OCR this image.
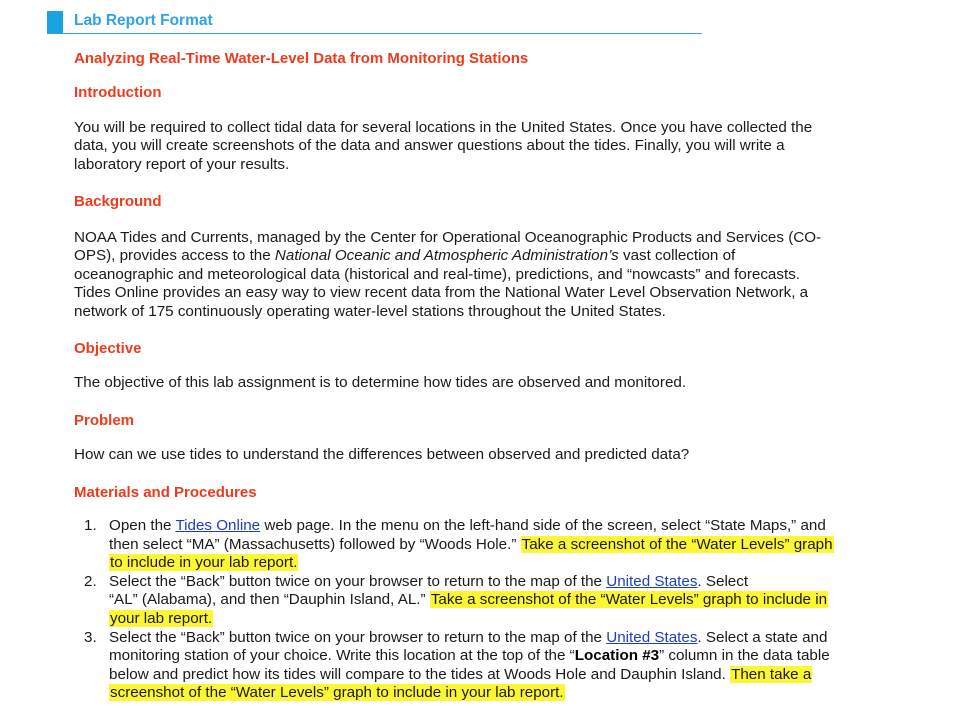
Lab Report Format
Analyzing Real-Time Water-Level Data from Monitoring Stations
Introduction
You will be required to collect tidal data for several locations in the United States. Once you have collected the
data, you will create screenshots of the data and answer questions about the tides. Finally, you will write a
laboratory report of your results.
Background
NOAA Tides and Currents, managed by the Center for Operational Oceanographic Products and Services (CO-
OPS), provides access to the National Oceanic and Atmospheric Administration’s vast collection of
oceanographic and meteorological data (historical and real-time), predictions, and “nowcasts” and forecasts.
Tides Online provides an easy way to view recent data from the National Water Level Observation Network, a
network of 175 continuously operating water-level stations throughout the United States.
Objective
The objective of this lab assignment is to determine how tides are observed and monitored.
Problem
How can we use tides to understand the differences between observed and predicted data?
Materials and Procedures
1. Open the Tides Online web page. In the menu on the left-hand side of the screen, select “State Maps,” and
then select “MA” (Massachusetts) followed by “Woods Hole.” Take a screenshot of the “Water Levels” graph
to include in your lab report.
2. Select the “Back” button twice on your browser to return to the map of the United States. Select
“AL” (Alabama), and then “Dauphin Island, AL.” Take a screenshot of the “Water Levels” graph to include in
your lab report.
3. Select the “Back” button twice on your browser to return to the map of the United States. Select a state and
monitoring station of your choice. Write this location at the top of the “Location #3” column in the data table
below and predict how its tides will compare to the tides at Woods Hole and Dauphin Island. Then take a
screenshot of the “Water Levels” graph to include in your lab report.
